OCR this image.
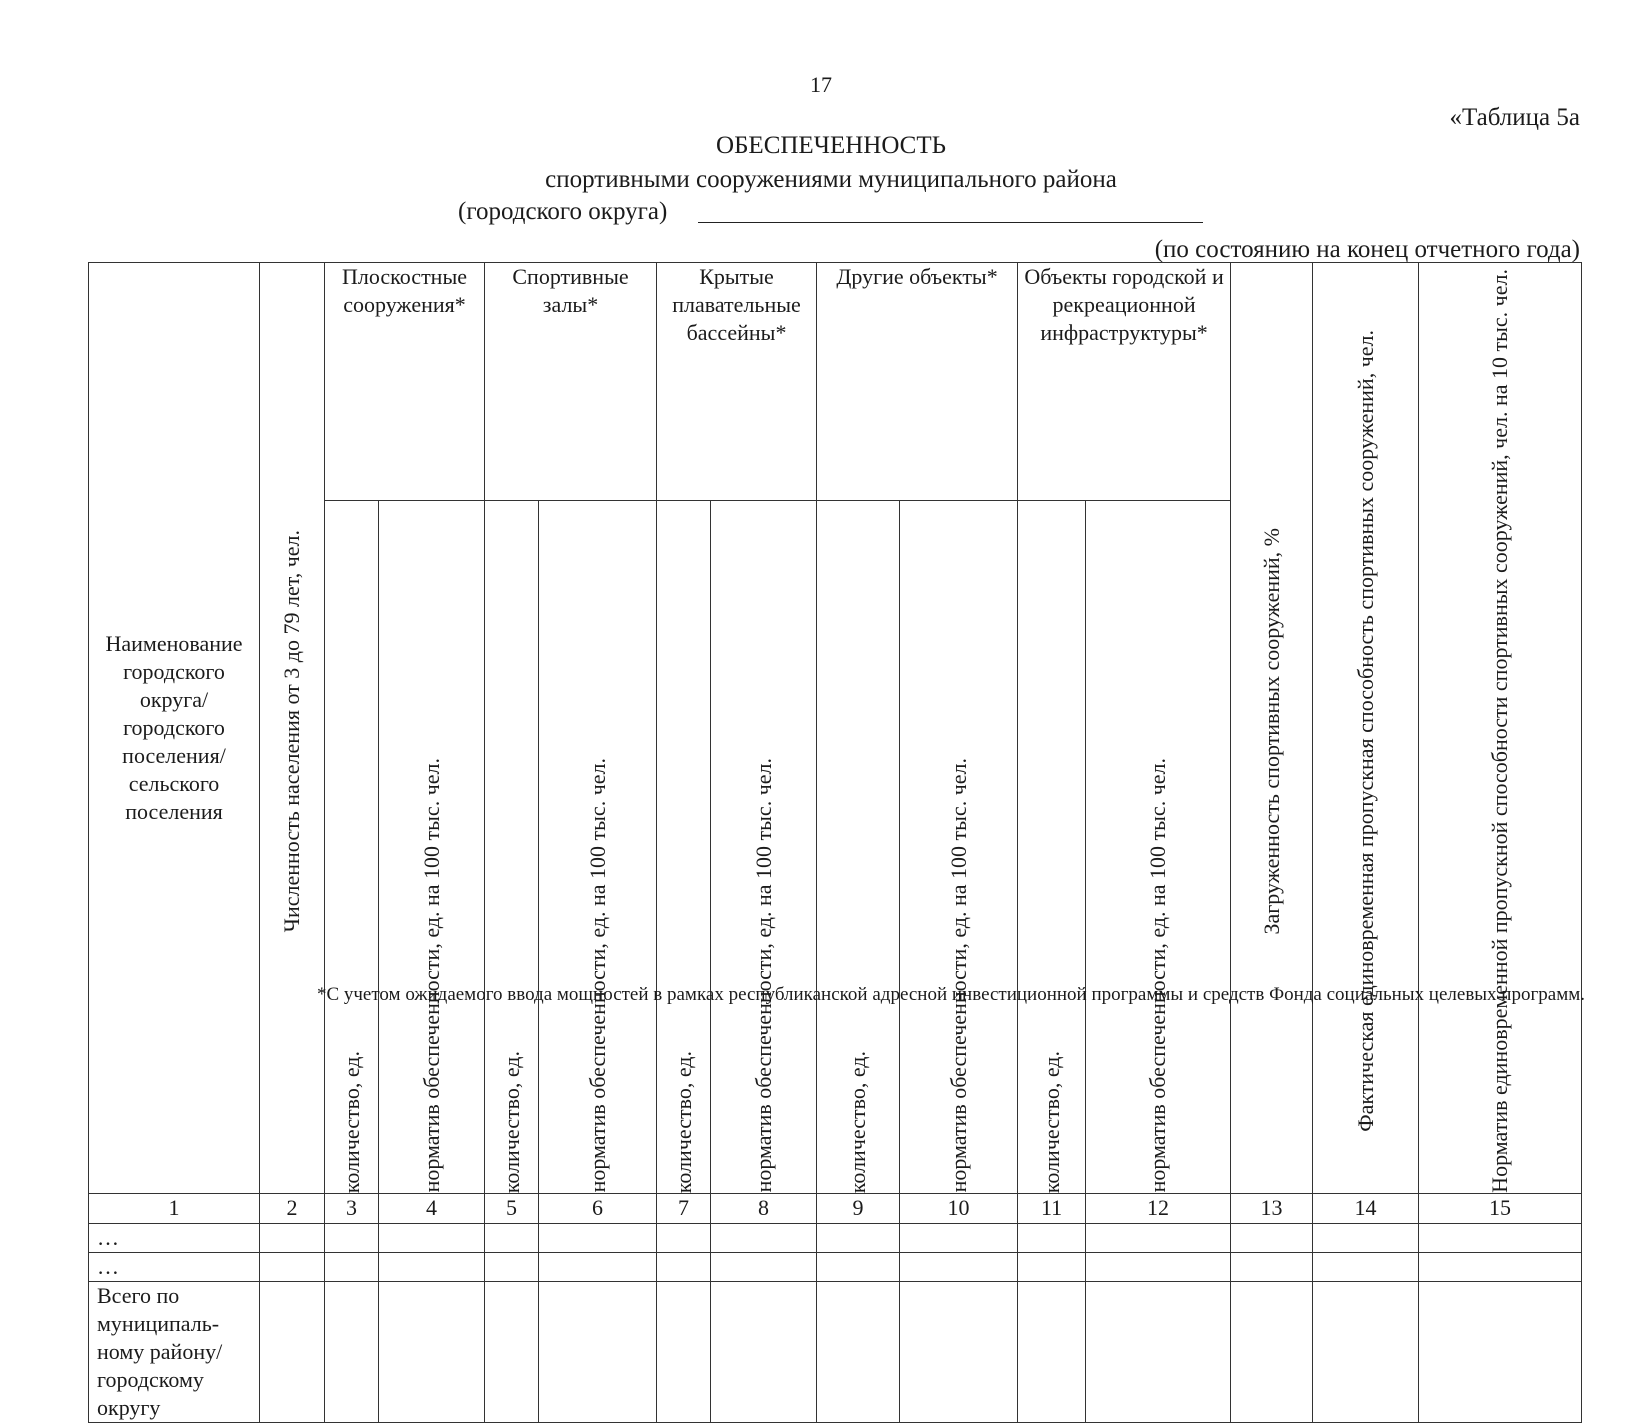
17
«Таблица 5а
ОБЕСПЕЧЕННОСТЬ
спортивными сооружениями муниципального района
(городского округа)
(по состоянию на конец отчетного года)
Наименование городского округа/ городского поселения/ сельского поселения	Численность населения от 3 до 79 лет, чел.	Плоскостные сооружения*		Спортивные залы*		Крытые плавательные бассейны*		Другие объекты*		Объекты городской и рекреационной инфраструктуры*		Загруженность спортивных сооружений, %	Фактическая единовременная пропускная способность спортивных сооружений, чел.	Норматив единовременной пропускной способности спортивных сооружений, чел. на 10 тыс. чел.

		количество, ед.	норматив обеспеченности, ед. на 100 тыс. чел.	количество, ед.	норматив обеспеченности, ед. на 100 тыс. чел.	количество, ед.	норматив обеспеченности, ед. на 100 тыс. чел.	количество, ед.	норматив обеспеченности, ед. на 100 тыс. чел.	количество, ед.	норматив обеспеченности, ед. на 100 тыс. чел.			

1	2	3	4	5	6	7	8	9	10	11	12	13	14	15
…														
…														
Всего по муниципаль-ному району/ городскому округу														
*С учетом ожидаемого ввода мощностей в рамках республиканской адресной инвестиционной программы и средств Фонда социальных целевых программ.
